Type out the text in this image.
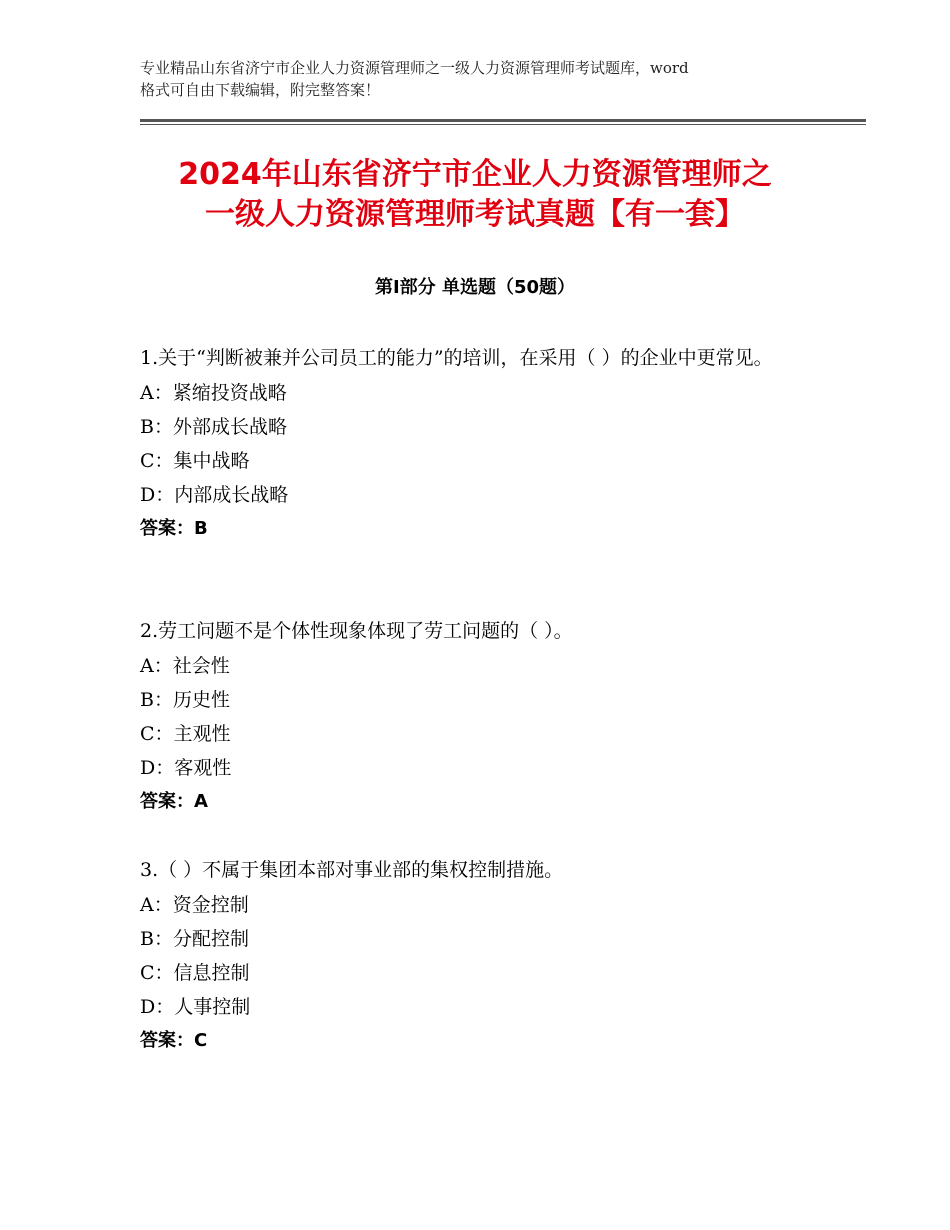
专业精品山东省济宁市企业人力资源管理师之一级人力资源管理师考试题库，word
格式可自由下载编辑，附完整答案！
2024年山东省济宁市企业人力资源管理师之
一级人力资源管理师考试真题【有一套】
第Ⅰ部分 单选题（50题）
1.关于“判断被兼并公司员工的能力”的培训，在采用（ ）的企业中更常见。
A：紧缩投资战略
B：外部成长战略
C：集中战略
D：内部成长战略
答案：B
2.劳工问题不是个体性现象体现了劳工问题的（ ）。
A：社会性
B：历史性
C：主观性
D：客观性
答案：A
3.（ ）不属于集团本部对事业部的集权控制措施。
A：资金控制
B：分配控制
C：信息控制
D：人事控制
答案：C
